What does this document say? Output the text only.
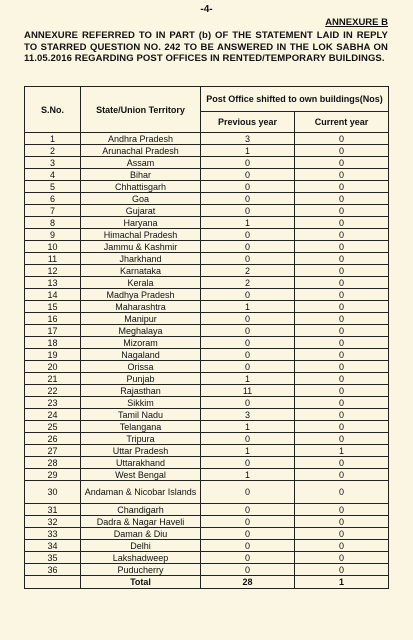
-4-
ANNEXURE B
ANNEXURE REFERRED TO IN PART (b) OF THE STATEMENT LAID IN REPLY TO STARRED QUESTION NO. 242 TO BE ANSWERED IN THE LOK SABHA ON 11.05.2016 REGARDING POST OFFICES IN RENTED/TEMPORARY BUILDINGS.
S.No.	State/Union Territory	Post Office shifted to own buildings(Nos)	
		Previous year	Current year
1	Andhra Pradesh	3	0
2	Arunachal Pradesh	1	0
3	Assam	0	0
4	Bihar	0	0
5	Chhattisgarh	0	0
6	Goa	0	0
7	Gujarat	0	0
8	Haryana	1	0
9	Himachal Pradesh	0	0
10	Jammu & Kashmir	0	0
11	Jharkhand	0	0
12	Karnataka	2	0
13	Kerala	2	0
14	Madhya Pradesh	0	0
15	Maharashtra	1	0
16	Manipur	0	0
17	Meghalaya	0	0
18	Mizoram	0	0
19	Nagaland	0	0
20	Orissa	0	0
21	Punjab	1	0
22	Rajasthan	11	0
23	Sikkim	0	0
24	Tamil Nadu	3	0
25	Telangana	1	0
26	Tripura	0	0
27	Uttar Pradesh	1	1
28	Uttarakhand	0	0
29	West Bengal	1	0
30	Andaman & Nicobar Islands	0	0
31	Chandigarh	0	0
32	Dadra & Nagar Haveli	0	0
33	Daman & Diu	0	0
34	Delhi	0	0
35	Lakshadweep	0	0
36	Puducherry	0	0
	Total	28	1
